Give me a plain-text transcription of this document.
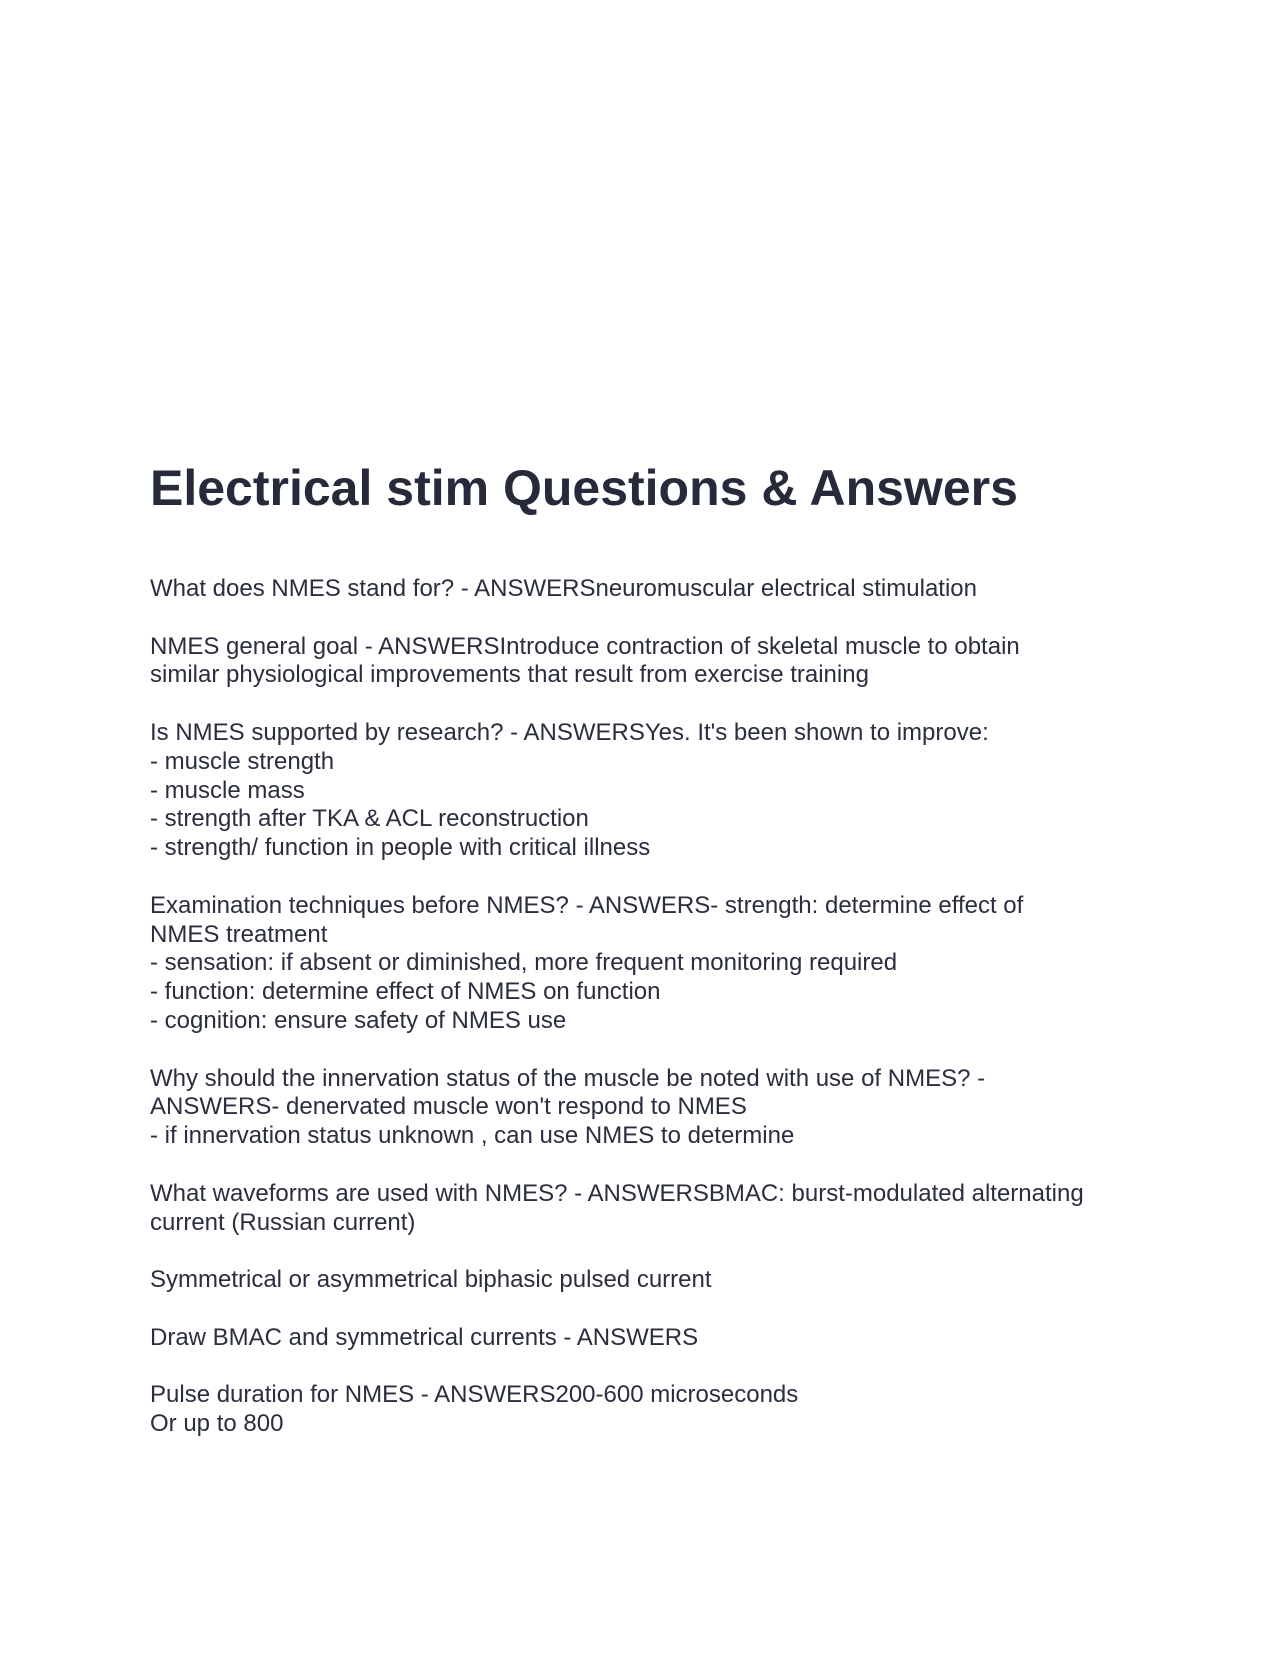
Electrical stim Questions & Answers
What does NMES stand for? - ANSWERSneuromuscular electrical stimulation
NMES general goal - ANSWERSIntroduce contraction of skeletal muscle to obtain
similar physiological improvements that result from exercise training
Is NMES supported by research? - ANSWERSYes. It's been shown to improve:
- muscle strength
- muscle mass
- strength after TKA & ACL reconstruction
- strength/ function in people with critical illness
Examination techniques before NMES? - ANSWERS- strength: determine effect of
NMES treatment
- sensation: if absent or diminished, more frequent monitoring required
- function: determine effect of NMES on function
- cognition: ensure safety of NMES use
Why should the innervation status of the muscle be noted with use of NMES? -
ANSWERS- denervated muscle won't respond to NMES
- if innervation status unknown , can use NMES to determine
What waveforms are used with NMES? - ANSWERSBMAC: burst-modulated alternating
current (Russian current)
Symmetrical or asymmetrical biphasic pulsed current
Draw BMAC and symmetrical currents - ANSWERS
Pulse duration for NMES - ANSWERS200-600 microseconds
Or up to 800
